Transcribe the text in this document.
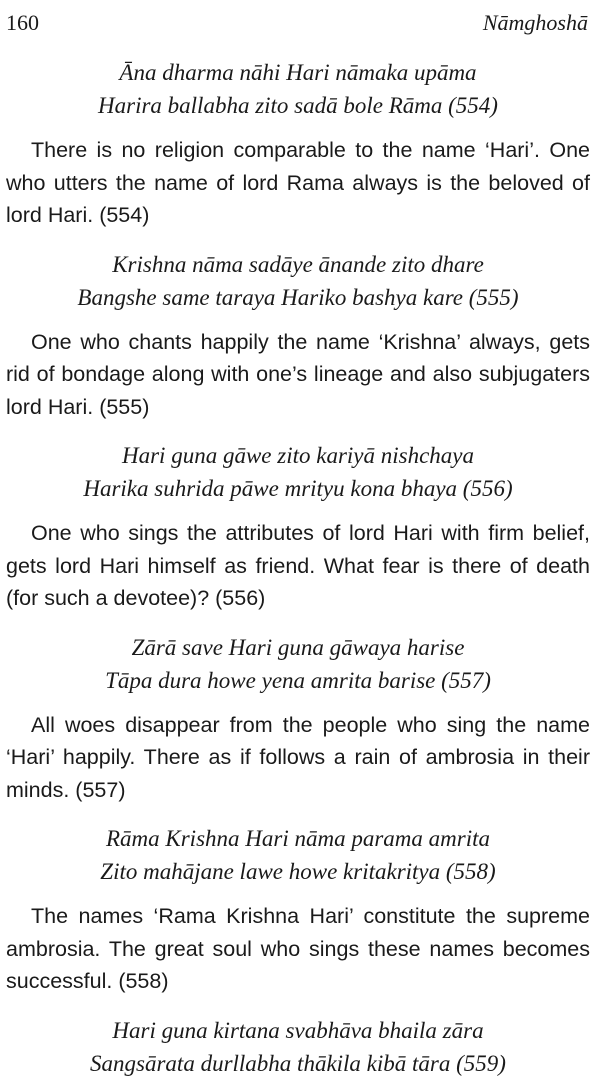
160	Nāmghoshā
Āna dharma nāhi Hari nāmaka upāma
Harira ballabha zito sadā bole Rāma (554)

There is no religion comparable to the name ‘Hari’. One who utters the name of lord Rama always is the beloved of lord Hari. (554)

Krishna nāma sadāye ānande zito dhare
Bangshe same taraya Hariko bashya kare (555)

One who chants happily the name ‘Krishna’ always, gets rid of bondage along with one’s lineage and also subjugaters lord Hari. (555)

Hari guna gāwe zito kariyā nishchaya
Harika suhrida pāwe mrityu kona bhaya (556)

One who sings the attributes of lord Hari with firm belief, gets lord Hari himself as friend. What fear is there of death (for such a devotee)? (556)

Zārā save Hari guna gāwaya harise
Tāpa dura howe yena amrita barise (557)

All woes disappear from the people who sing the name ‘Hari’ happily. There as if follows a rain of ambrosia in their minds. (557)

Rāma Krishna Hari nāma parama amrita
Zito mahājane lawe howe kritakritya (558)

The names ‘Rama Krishna Hari’ constitute the supreme ambrosia. The great soul who sings these names becomes successful. (558)

Hari guna kirtana svabhāva bhaila zāra
Sangsārata durllabha thākila kibā tāra (559)
